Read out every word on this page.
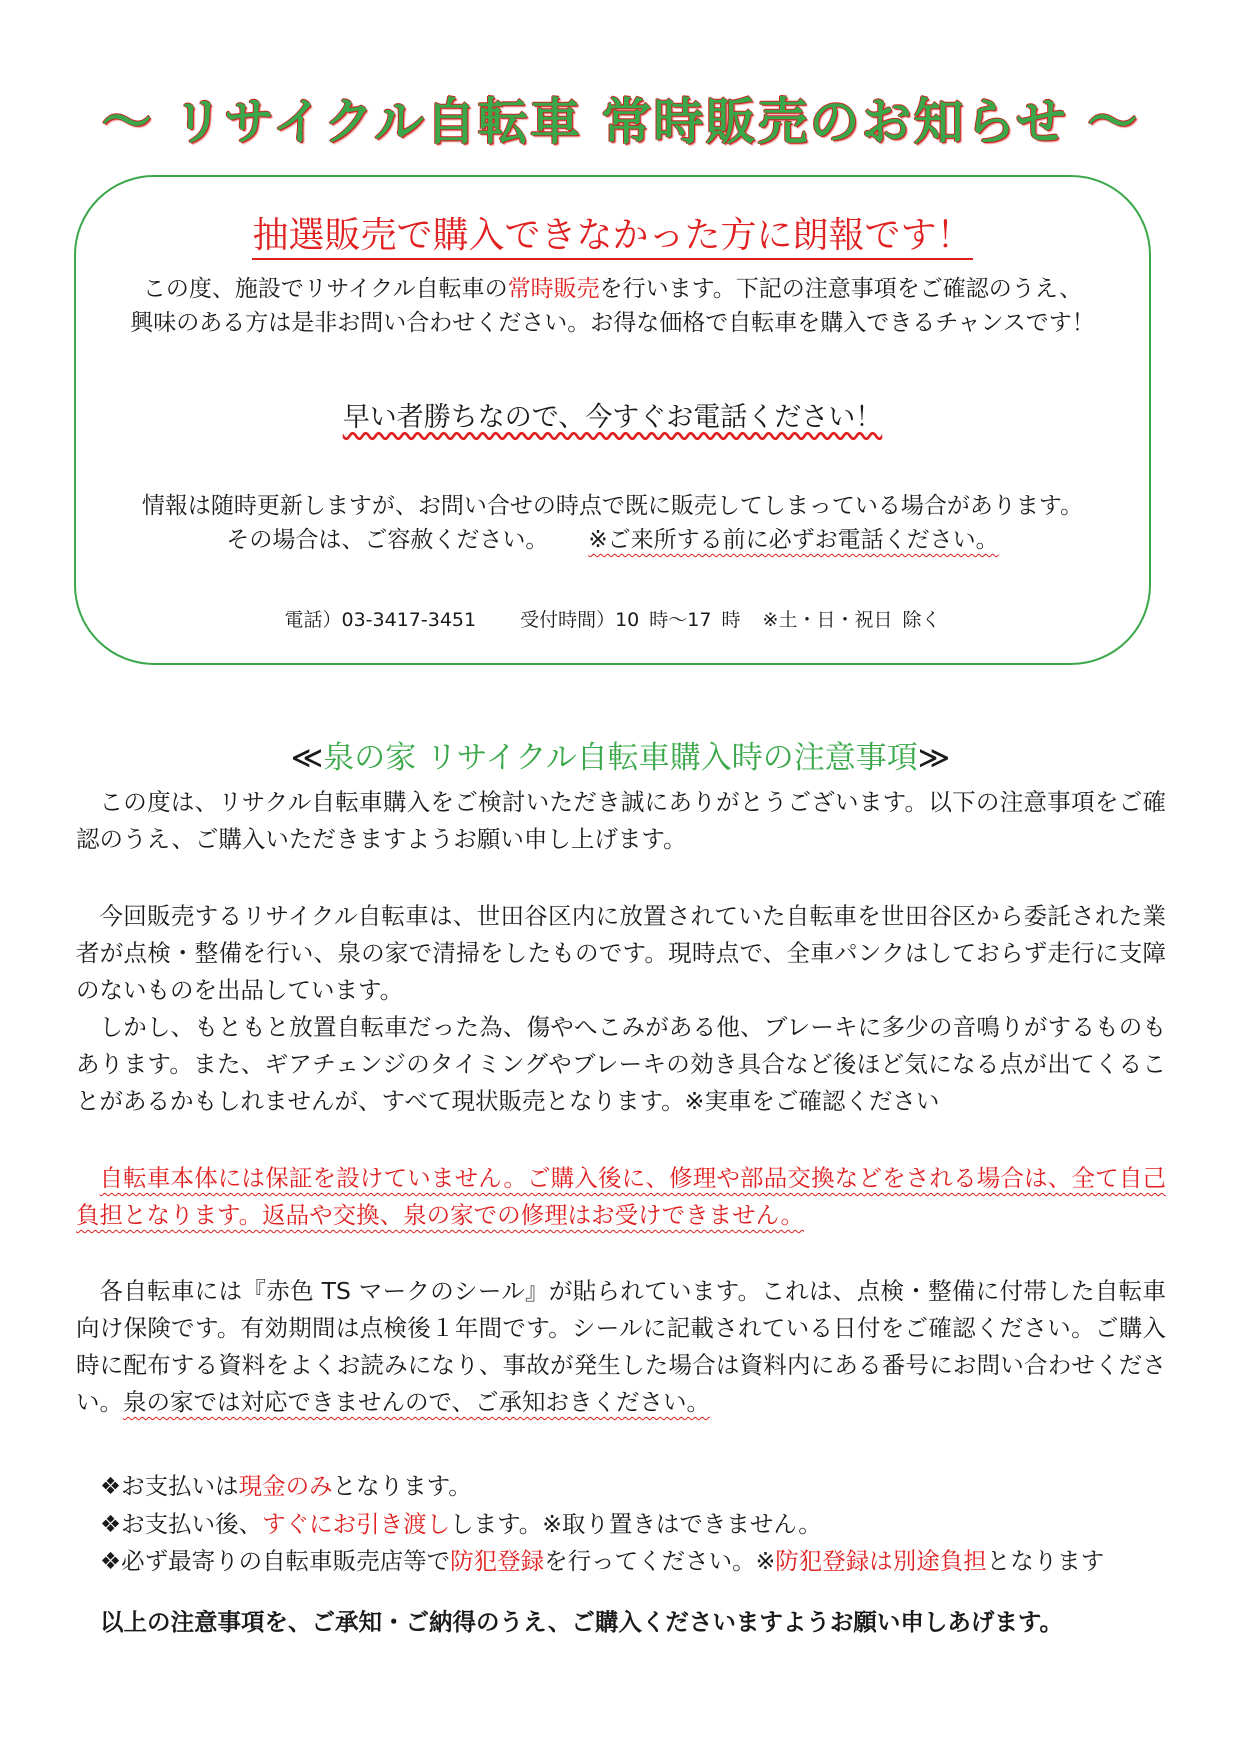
～ リサイクル自転車 常時販売のお知らせ ～
抽選販売で購入できなかった方に朗報です！
この度、施設でリサイクル自転車の常時販売を行います。下記の注意事項をご確認のうえ、
興味のある方は是非お問い合わせください。お得な価格で自転車を購入できるチャンスです！
早い者勝ちなので、今すぐお電話ください！
情報は随時更新しますが、お問い合せの時点で既に販売してしまっている場合があります。
その場合は、ご容赦ください。 ※ご来所する前に必ずお電話ください。
電話）03-3417-3451 受付時間）10 時～17 時 ※土・日・祝日 除く
≪泉の家 リサイクル自転車購入時の注意事項≫

この度は、リサクル自転車購入をご検討いただき誠にありがとうございます。以下の注意事項をご確認のうえ、ご購入いただきますようお願い申し上げます。

今回販売するリサイクル自転車は、世田谷区内に放置されていた自転車を世田谷区から委託された業者が点検・整備を行い、泉の家で清掃をしたものです。現時点で、全車パンクはしておらず走行に支障のないものを出品しています。

しかし、もともと放置自転車だった為、傷やへこみがある他、ブレーキに多少の音鳴りがするものもあります。また、ギアチェンジのタイミングやブレーキの効き具合など後ほど気になる点が出てくることがあるかもしれませんが、すべて現状販売となります。※実車をご確認ください

自転車本体には保証を設けていません。ご購入後に、修理や部品交換などをされる場合は、全て自己負担となります。返品や交換、泉の家での修理はお受けできません。

各自転車には『赤色 TS マークのシール』が貼られています。これは、点検・整備に付帯した自転車向け保険です。有効期間は点検後１年間です。シールに記載されている日付をご確認ください。ご購入時に配布する資料をよくお読みになり、事故が発生した場合は資料内にある番号にお問い合わせください。泉の家では対応できませんので、ご承知おきください。

❖お支払いは現金のみとなります。
❖お支払い後、すぐにお引き渡しします。※取り置きはできません。
❖必ず最寄りの自転車販売店等で防犯登録を行ってください。※防犯登録は別途負担となります
以上の注意事項を、ご承知・ご納得のうえ、ご購入くださいますようお願い申しあげます。
